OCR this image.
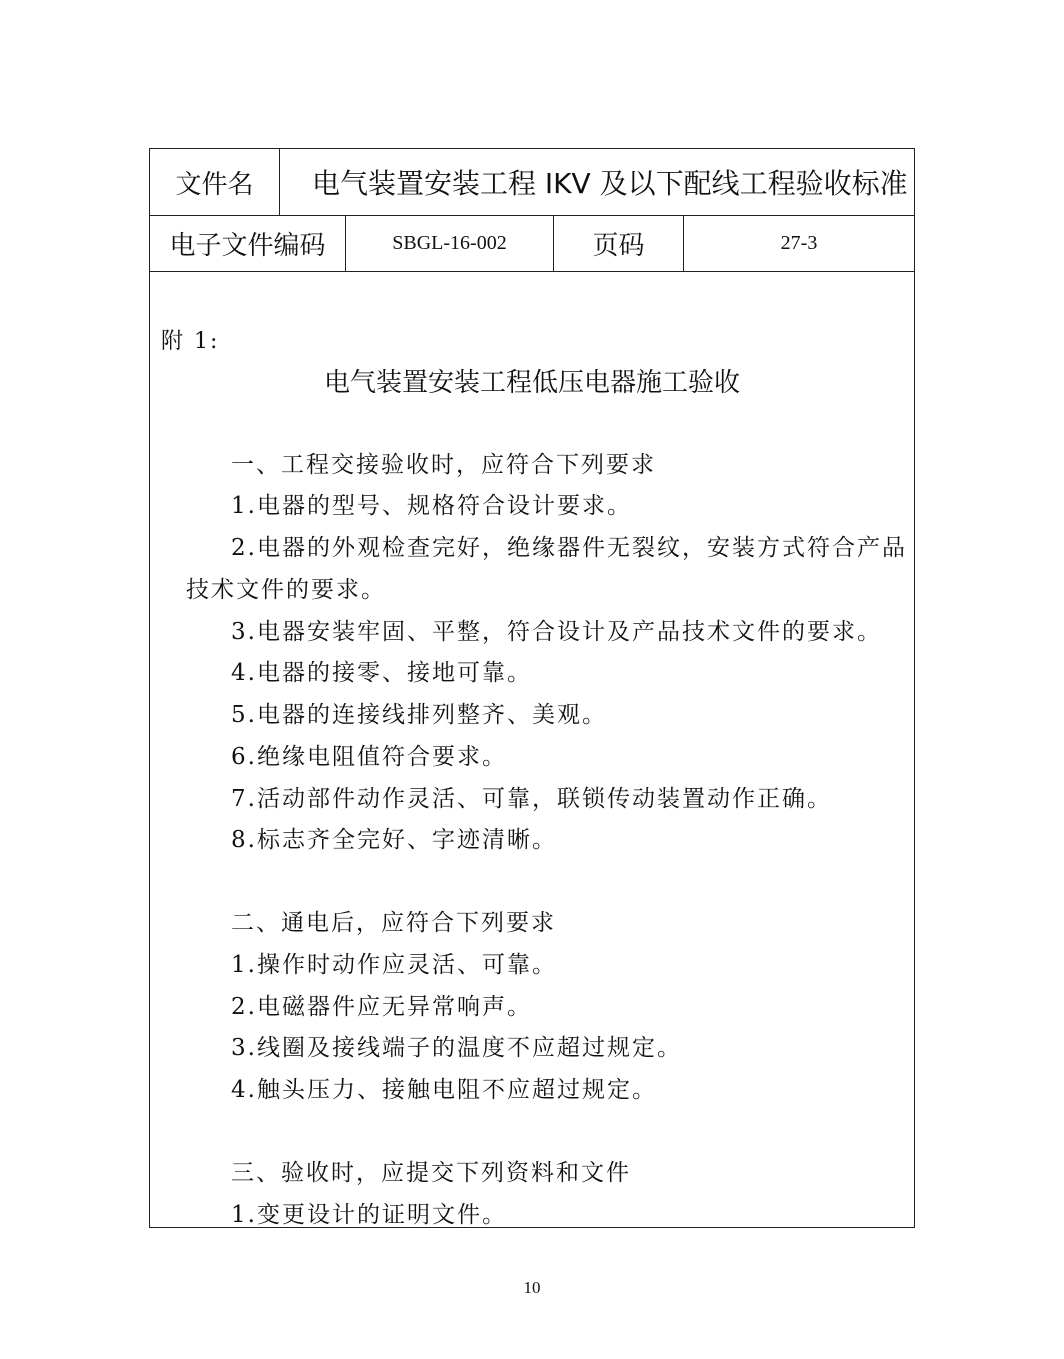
文件名	电气装置安装工程 IKV 及以下配线工程验收标准
电子文件编码	SBGL-16-002	页码	27-3
附 1:
电气装置安装工程低压电器施工验收
一、工程交接验收时，应符合下列要求
1.电器的型号、规格符合设计要求。
2.电器的外观检查完好，绝缘器件无裂纹，安装方式符合产品
技术文件的要求。
3.电器安装牢固、平整，符合设计及产品技术文件的要求。
4.电器的接零、接地可靠。
5.电器的连接线排列整齐、美观。
6.绝缘电阻值符合要求。
7.活动部件动作灵活、可靠，联锁传动装置动作正确。
8.标志齐全完好、字迹清晰。
二、通电后，应符合下列要求
1.操作时动作应灵活、可靠。
2.电磁器件应无异常响声。
3.线圈及接线端子的温度不应超过规定。
4.触头压力、接触电阻不应超过规定。
三、验收时，应提交下列资料和文件
1.变更设计的证明文件。
10
